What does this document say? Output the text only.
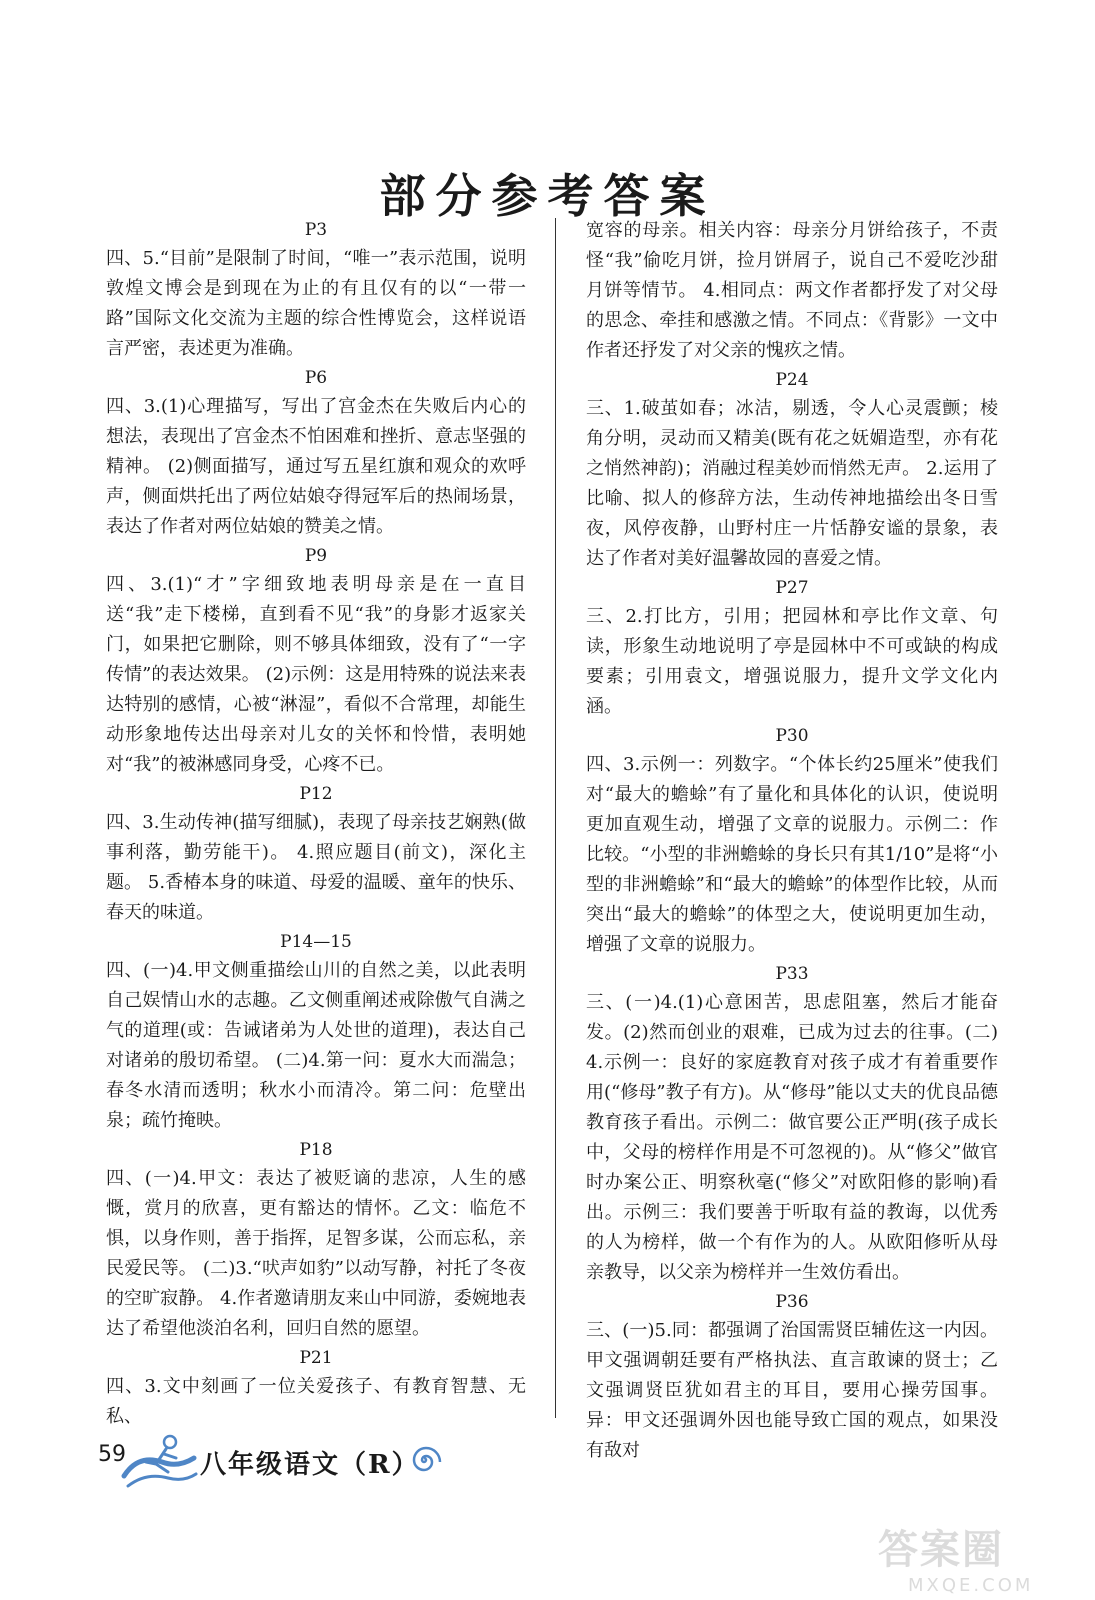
部分参考答案
P3

四、5.“目前”是限制了时间，“唯一”表示范围，说明敦煌文博会是到现在为止的有且仅有的以“一带一路”国际文化交流为主题的综合性博览会，这样说语言严密，表述更为准确。

P6

四、3.(1)心理描写，写出了宫金杰在失败后内心的想法，表现出了宫金杰不怕困难和挫折、意志坚强的精神。 (2)侧面描写，通过写五星红旗和观众的欢呼声，侧面烘托出了两位姑娘夺得冠军后的热闹场景，表达了作者对两位姑娘的赞美之情。

P9

四、3.(1)“才”字细致地表明母亲是在一直目送“我”走下楼梯，直到看不见“我”的身影才返家关门，如果把它删除，则不够具体细致，没有了“一字传情”的表达效果。 (2)示例：这是用特殊的说法来表达特别的感情，心被“淋湿”，看似不合常理，却能生动形象地传达出母亲对儿女的关怀和怜惜，表明她对“我”的被淋感同身受，心疼不已。

P12

四、3.生动传神(描写细腻)，表现了母亲技艺娴熟(做事利落，勤劳能干)。 4.照应题目(前文)，深化主题。 5.香椿本身的味道、母爱的温暖、童年的快乐、春天的味道。

P14—15

四、(一)4.甲文侧重描绘山川的自然之美，以此表明自己娱情山水的志趣。乙文侧重阐述戒除傲气自满之气的道理(或：告诫诸弟为人处世的道理)，表达自己对诸弟的殷切希望。 (二)4.第一问：夏水大而湍急；春冬水清而透明；秋水小而清冷。第二问：危壁出泉；疏竹掩映。

P18

四、(一)4.甲文：表达了被贬谪的悲凉，人生的感慨，赏月的欣喜，更有豁达的情怀。乙文：临危不惧，以身作则，善于指挥，足智多谋，公而忘私，亲民爱民等。 (二)3.“吠声如豹”以动写静，衬托了冬夜的空旷寂静。 4.作者邀请朋友来山中同游，委婉地表达了希望他淡泊名利，回归自然的愿望。

P21

四、3.文中刻画了一位关爱孩子、有教育智慧、无私、

宽容的母亲。相关内容：母亲分月饼给孩子，不责怪“我”偷吃月饼，捡月饼屑子，说自己不爱吃沙甜月饼等情节。 4.相同点：两文作者都抒发了对父母的思念、牵挂和感激之情。不同点：《背影》一文中作者还抒发了对父亲的愧疚之情。

P24

三、1.破茧如春；冰洁，剔透，令人心灵震颤；棱角分明，灵动而又精美(既有花之妩媚造型，亦有花之悄然神韵)；消融过程美妙而悄然无声。 2.运用了比喻、拟人的修辞方法，生动传神地描绘出冬日雪夜，风停夜静，山野村庄一片恬静安谧的景象，表达了作者对美好温馨故园的喜爱之情。

P27

三、2.打比方，引用；把园林和亭比作文章、句读，形象生动地说明了亭是园林中不可或缺的构成要素；引用袁文，增强说服力，提升文学文化内涵。

P30

四、3.示例一：列数字。“个体长约25厘米”使我们对“最大的蟾蜍”有了量化和具体化的认识，使说明更加直观生动，增强了文章的说服力。示例二：作比较。“小型的非洲蟾蜍的身长只有其1/10”是将“小型的非洲蟾蜍”和“最大的蟾蜍”的体型作比较，从而突出“最大的蟾蜍”的体型之大，使说明更加生动，增强了文章的说服力。

P33

三、(一)4.(1)心意困苦，思虑阻塞，然后才能奋发。(2)然而创业的艰难，已成为过去的往事。(二)4.示例一：良好的家庭教育对孩子成才有着重要作用(“修母”教子有方)。从“修母”能以丈夫的优良品德教育孩子看出。示例二：做官要公正严明(孩子成长中，父母的榜样作用是不可忽视的)。从“修父”做官时办案公正、明察秋毫(“修父”对欧阳修的影响)看出。示例三：我们要善于听取有益的教诲，以优秀的人为榜样，做一个有作为的人。从欧阳修听从母亲教导，以父亲为榜样并一生效仿看出。

P36

三、(一)5.同：都强调了治国需贤臣辅佐这一内因。甲文强调朝廷要有严格执法、直言敢谏的贤士；乙文强调贤臣犹如君主的耳目，要用心操劳国事。异：甲文还强调外因也能导致亡国的观点，如果没有敌对

59	八年级语文（R）
答案圈
MXQE.COM
